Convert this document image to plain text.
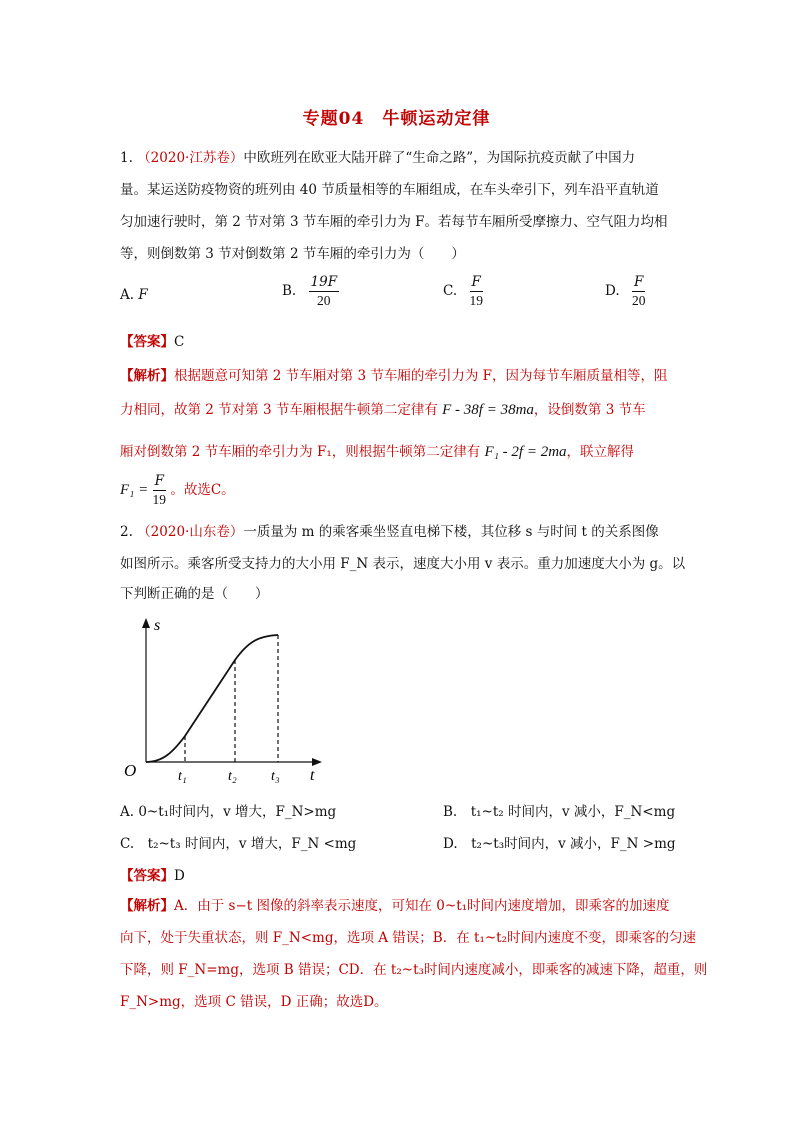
专题04　牛顿运动定律
1. （2020·江苏卷）中欧班列在欧亚大陆开辟了“生命之路”，为国际抗疫贡献了中国力
量。某运送防疫物资的班列由 40 节质量相等的车厢组成，在车头牵引下，列车沿平直轨道
匀加速行驶时，第 2 节对第 3 节车厢的牵引力为 F。若每节车厢所受摩擦力、空气阻力均相
等，则倒数第 3 节对倒数第 2 节车厢的牵引力为（　　）
A. F	B. $\frac{19F}{20}$	C. $\frac{F}{19}$	D. $\frac{F}{20}$
【答案】C
【解析】根据题意可知第 2 节车厢对第 3 节车厢的牵引力为 F，因为每节车厢质量相等，阻
力相同，故第 2 节对第 3 节车厢根据牛顿第二定律有 F - 38f = 38ma，设倒数第 3 节车
厢对倒数第 2 节车厢的牵引力为 F₁，则根据牛顿第二定律有 F₁ - 2f = 2ma，联立解得
$F_1 = \frac{F}{19}$ 。故选C。
2. （2020·山东卷）一质量为 m 的乘客乘坐竖直电梯下楼，其位移 s 与时间 t 的关系图像
如图所示。乘客所受支持力的大小用 F_N 表示，速度大小用 v 表示。重力加速度大小为 g。以
下判断正确的是（　　）
s
t
O	t₁	t₂ t₃
A. 0~t₁时间内，v 增大，F_N>mg	B.　t₁~t₂ 时间内，v 减小，F_N<mg
C.　t₂~t₃ 时间内，v 增大，F_N <mg	D.　t₂~t₃时间内，v 减小，F_N >mg
【答案】D
【解析】A．由于 s−t 图像的斜率表示速度，可知在 0~t₁时间内速度增加，即乘客的加速度
向下，处于失重状态，则 F_N<mg，选项 A 错误；B．在 t₁~t₂时间内速度不变，即乘客的匀速
下降，则 F_N=mg，选项 B 错误；CD．在 t₂~t₃时间内速度减小，即乘客的减速下降，超重，则
F_N>mg，选项 C 错误，D 正确；故选D。
